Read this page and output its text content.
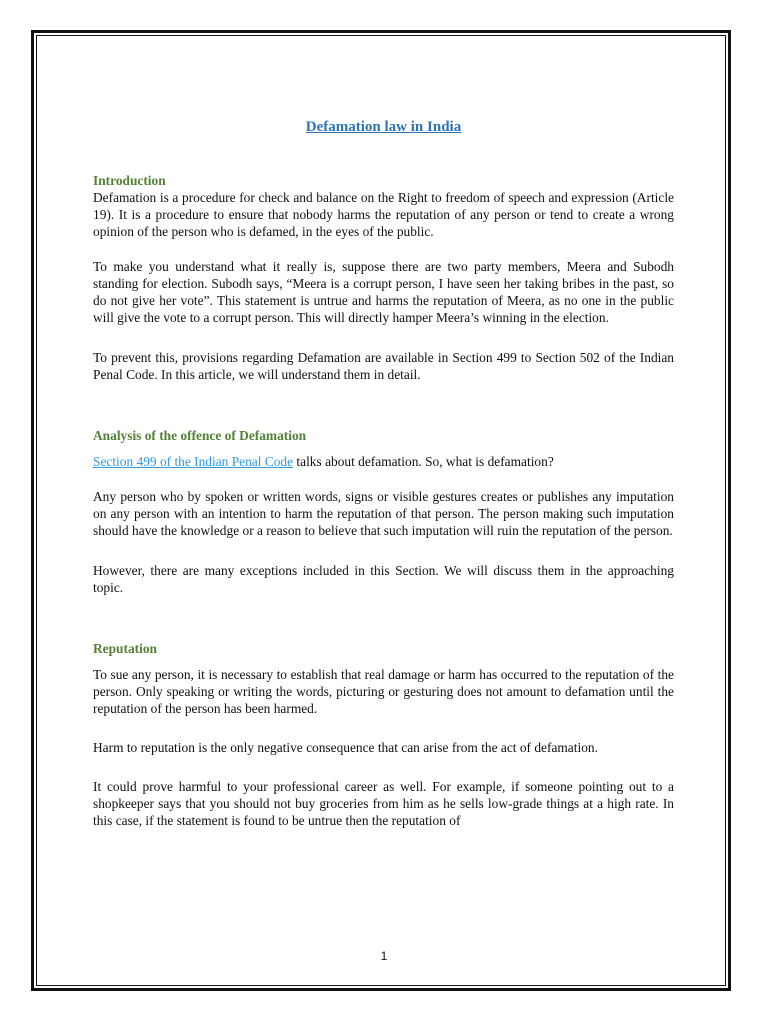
Defamation law in India
Introduction

Defamation is a procedure for check and balance on the Right to freedom of speech and expression (Article 19). It is a procedure to ensure that nobody harms the reputation of any person or tend to create a wrong opinion of the person who is defamed, in the eyes of the public.

To make you understand what it really is, suppose there are two party members, Meera and Subodh standing for election. Subodh says, “Meera is a corrupt person, I have seen her taking bribes in the past, so do not give her vote”. This statement is untrue and harms the reputation of Meera, as no one in the public will give the vote to a corrupt person. This will directly hamper Meera’s winning in the election.

To prevent this, provisions regarding Defamation are available in Section 499 to Section 502 of the Indian Penal Code. In this article, we will understand them in detail.

Analysis of the offence of Defamation

Section 499 of the Indian Penal Code talks about defamation. So, what is defamation?

Any person who by spoken or written words, signs or visible gestures creates or publishes any imputation on any person with an intention to harm the reputation of that person. The person making such imputation should have the knowledge or a reason to believe that such imputation will ruin the reputation of the person.

However, there are many exceptions included in this Section. We will discuss them in the approaching topic.

Reputation

To sue any person, it is necessary to establish that real damage or harm has occurred to the reputation of the person. Only speaking or writing the words, picturing or gesturing does not amount to defamation until the reputation of the person has been harmed.

Harm to reputation is the only negative consequence that can arise from the act of defamation.

It could prove harmful to your professional career as well. For example, if someone pointing out to a shopkeeper says that you should not buy groceries from him as he sells low-grade things at a high rate. In this case, if the statement is found to be untrue then the reputation of

1
